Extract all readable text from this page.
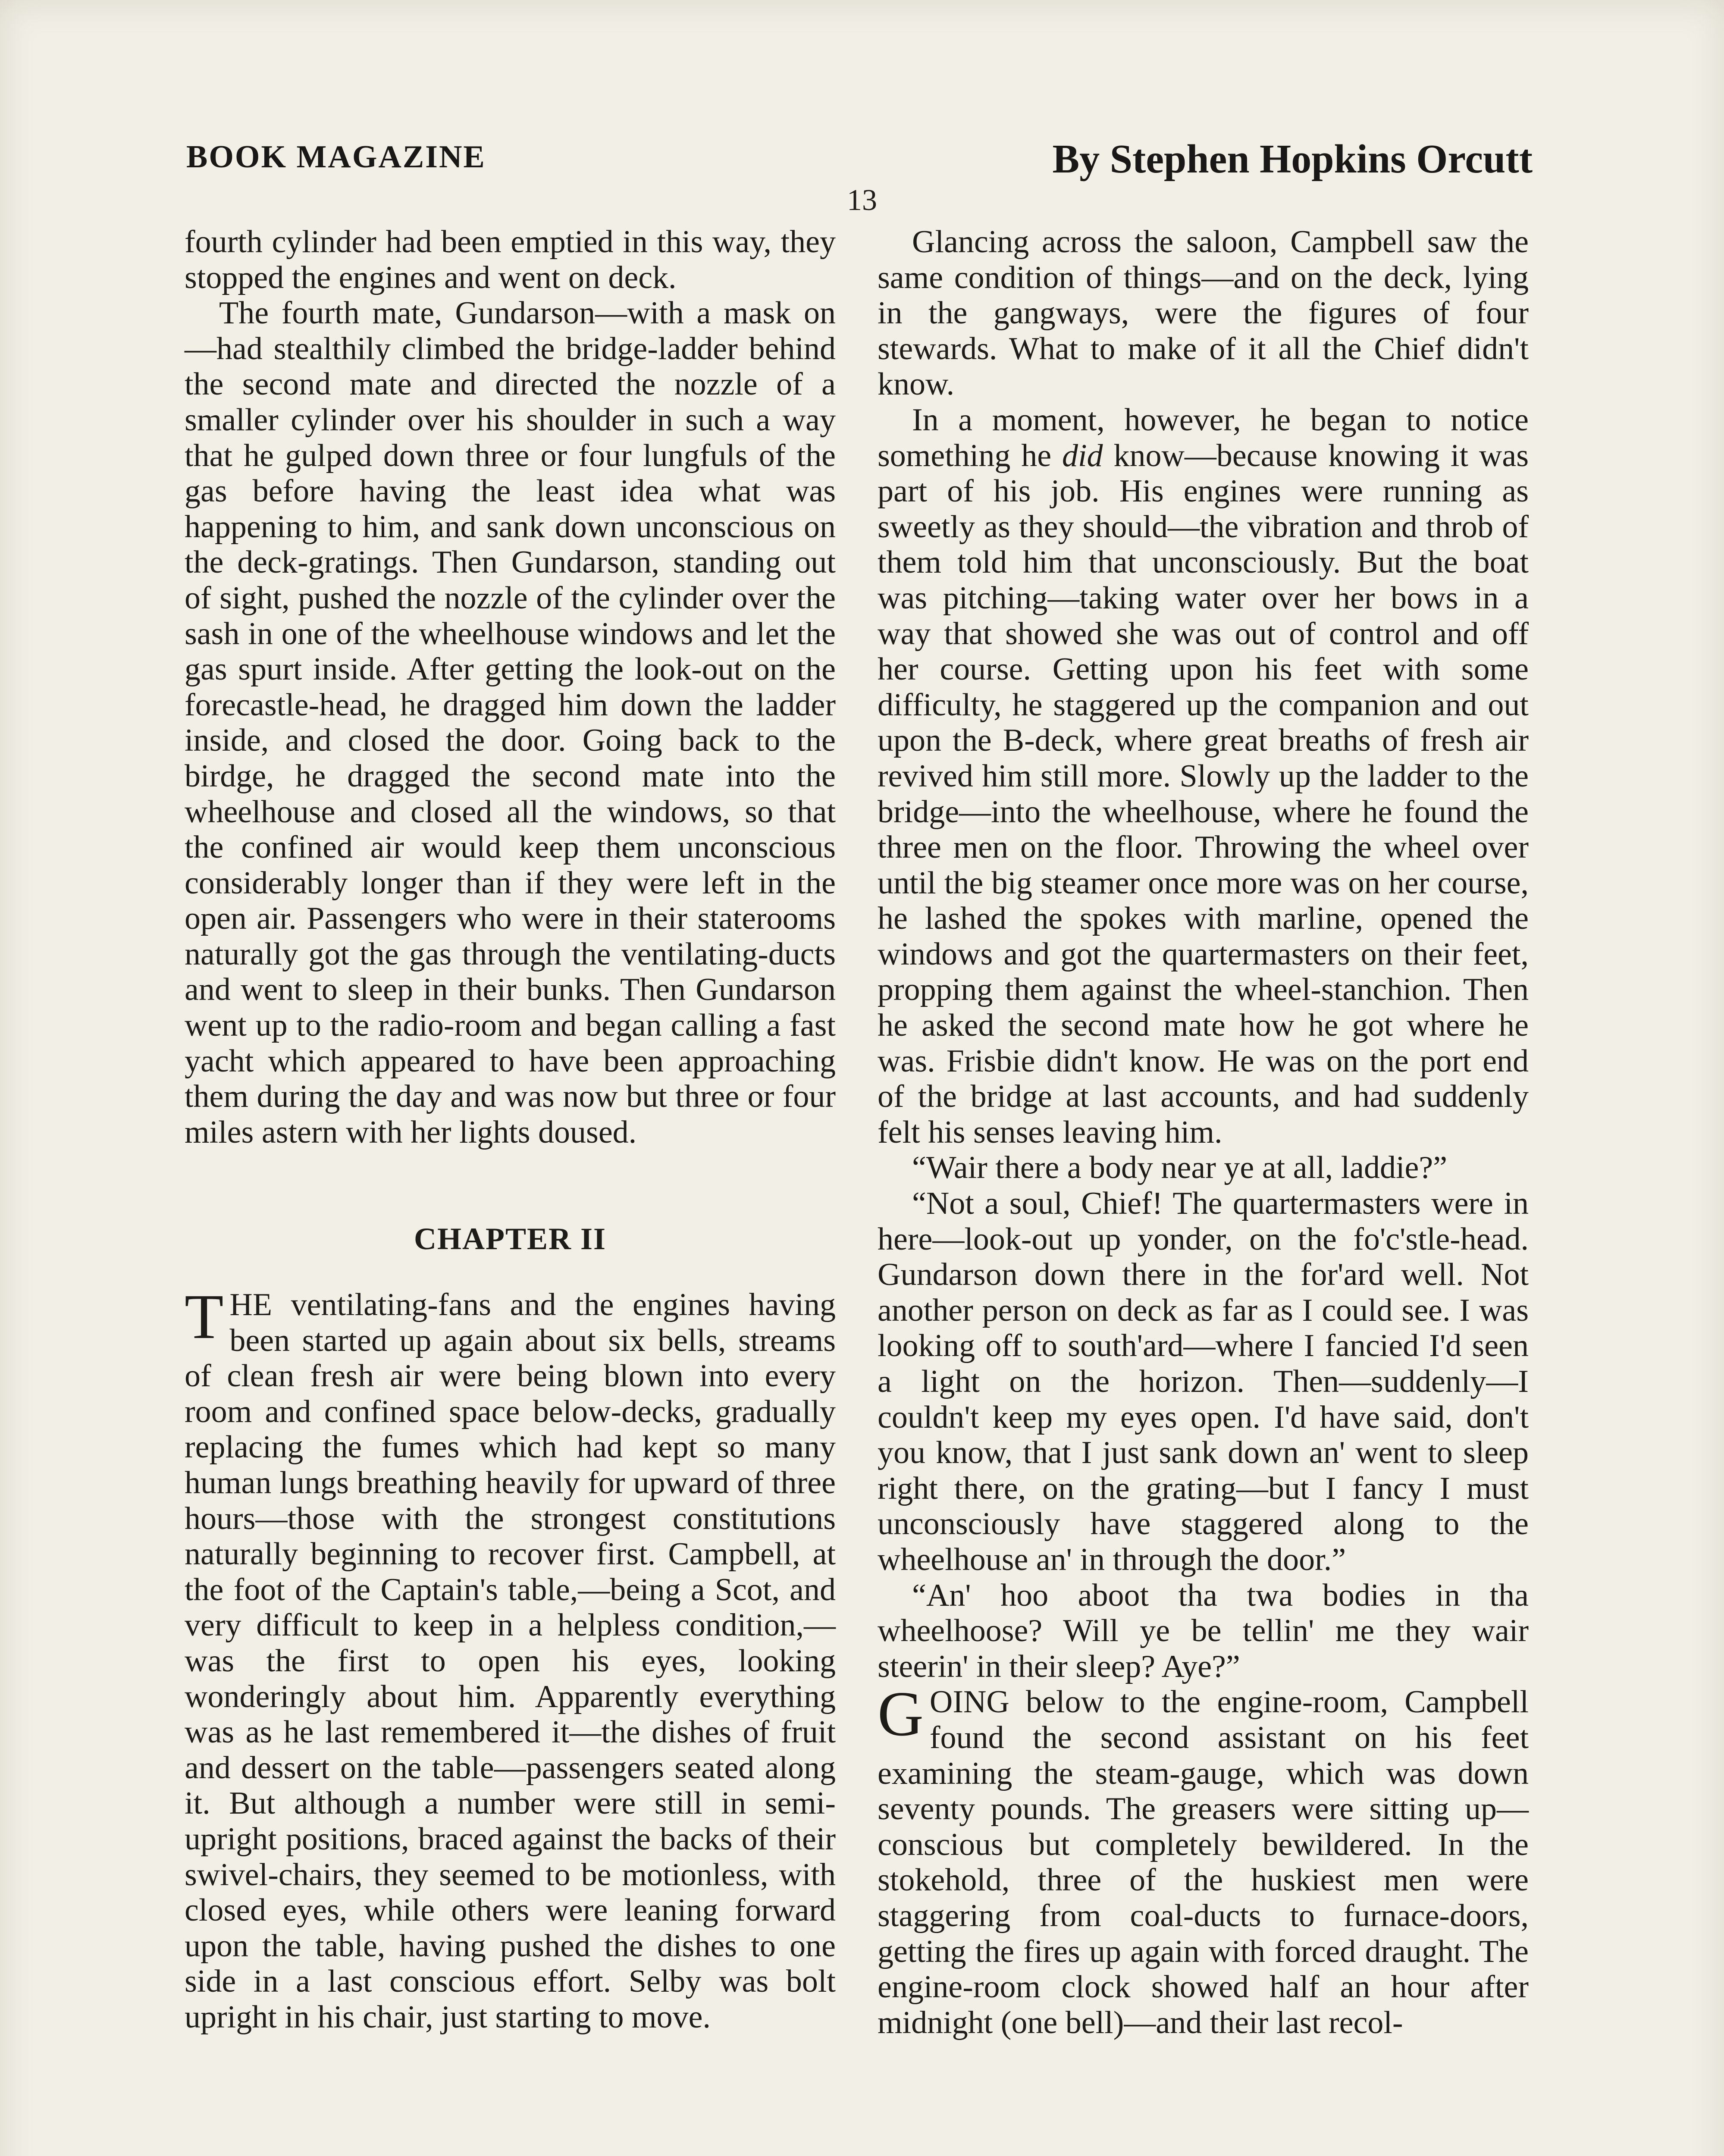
BOOK MAGAZINE	By Stephen Hopkins Orcutt
13

fourth cylinder had been emptied in this way, they stopped the engines and went on deck.

The fourth mate, Gundarson—with a mask on—had stealthily climbed the bridge-ladder behind the second mate and directed the nozzle of a smaller cylinder over his shoulder in such a way that he gulped down three or four lungfuls of the gas before having the least idea what was happening to him, and sank down unconscious on the deck-gratings. Then Gundarson, standing out of sight, pushed the nozzle of the cylinder over the sash in one of the wheelhouse windows and let the gas spurt inside. After getting the look-out on the forecastle-head, he dragged him down the ladder inside, and closed the door. Going back to the birdge, he dragged the second mate into the wheelhouse and closed all the windows, so that the confined air would keep them unconscious considerably longer than if they were left in the open air. Passengers who were in their staterooms naturally got the gas through the ventilating-ducts and went to sleep in their bunks. Then Gundarson went up to the radio-room and began calling a fast yacht which appeared to have been approaching them during the day and was now but three or four miles astern with her lights doused.

CHAPTER II

THE ventilating-fans and the engines having been started up again about six bells, streams of clean fresh air were being blown into every room and confined space below-decks, gradually replacing the fumes which had kept so many human lungs breathing heavily for upward of three hours—those with the strongest constitutions naturally beginning to recover first. Campbell, at the foot of the Captain's table,—being a Scot, and very difficult to keep in a helpless condition,—was the first to open his eyes, looking wonderingly about him. Apparently everything was as he last remembered it—the dishes of fruit and dessert on the table—passengers seated along it. But although a number were still in semi-upright positions, braced against the backs of their swivel-chairs, they seemed to be motionless, with closed eyes, while others were leaning forward upon the table, having pushed the dishes to one side in a last conscious effort. Selby was bolt upright in his chair, just starting to move.

Glancing across the saloon, Campbell saw the same condition of things—and on the deck, lying in the gangways, were the figures of four stewards. What to make of it all the Chief didn't know.

In a moment, however, he began to notice something he did know—because knowing it was part of his job. His engines were running as sweetly as they should—the vibration and throb of them told him that unconsciously. But the boat was pitching—taking water over her bows in a way that showed she was out of control and off her course. Getting upon his feet with some difficulty, he staggered up the companion and out upon the B-deck, where great breaths of fresh air revived him still more. Slowly up the ladder to the bridge—into the wheelhouse, where he found the three men on the floor. Throwing the wheel over until the big steamer once more was on her course, he lashed the spokes with marline, opened the windows and got the quartermasters on their feet, propping them against the wheel-stanchion. Then he asked the second mate how he got where he was. Frisbie didn't know. He was on the port end of the bridge at last accounts, and had suddenly felt his senses leaving him.

“Wair there a body near ye at all, laddie?”

“Not a soul, Chief! The quartermasters were in here—look-out up yonder, on the fo'c'stle-head. Gundarson down there in the for'ard well. Not another person on deck as far as I could see. I was looking off to south'ard—where I fancied I'd seen a light on the horizon. Then—suddenly—I couldn't keep my eyes open. I'd have said, don't you know, that I just sank down an' went to sleep right there, on the grating—but I fancy I must unconsciously have staggered along to the wheelhouse an' in through the door.”

“An' hoo aboot tha twa bodies in tha wheelhoose? Will ye be tellin' me they wair steerin' in their sleep? Aye?”

GOING below to the engine-room, Campbell found the second assistant on his feet examining the steam-gauge, which was down seventy pounds. The greasers were sitting up—conscious but completely bewildered. In the stokehold, three of the huskiest men were staggering from coal-ducts to furnace-doors, getting the fires up again with forced draught. The engine-room clock showed half an hour after midnight (one bell)—and their last recol-
